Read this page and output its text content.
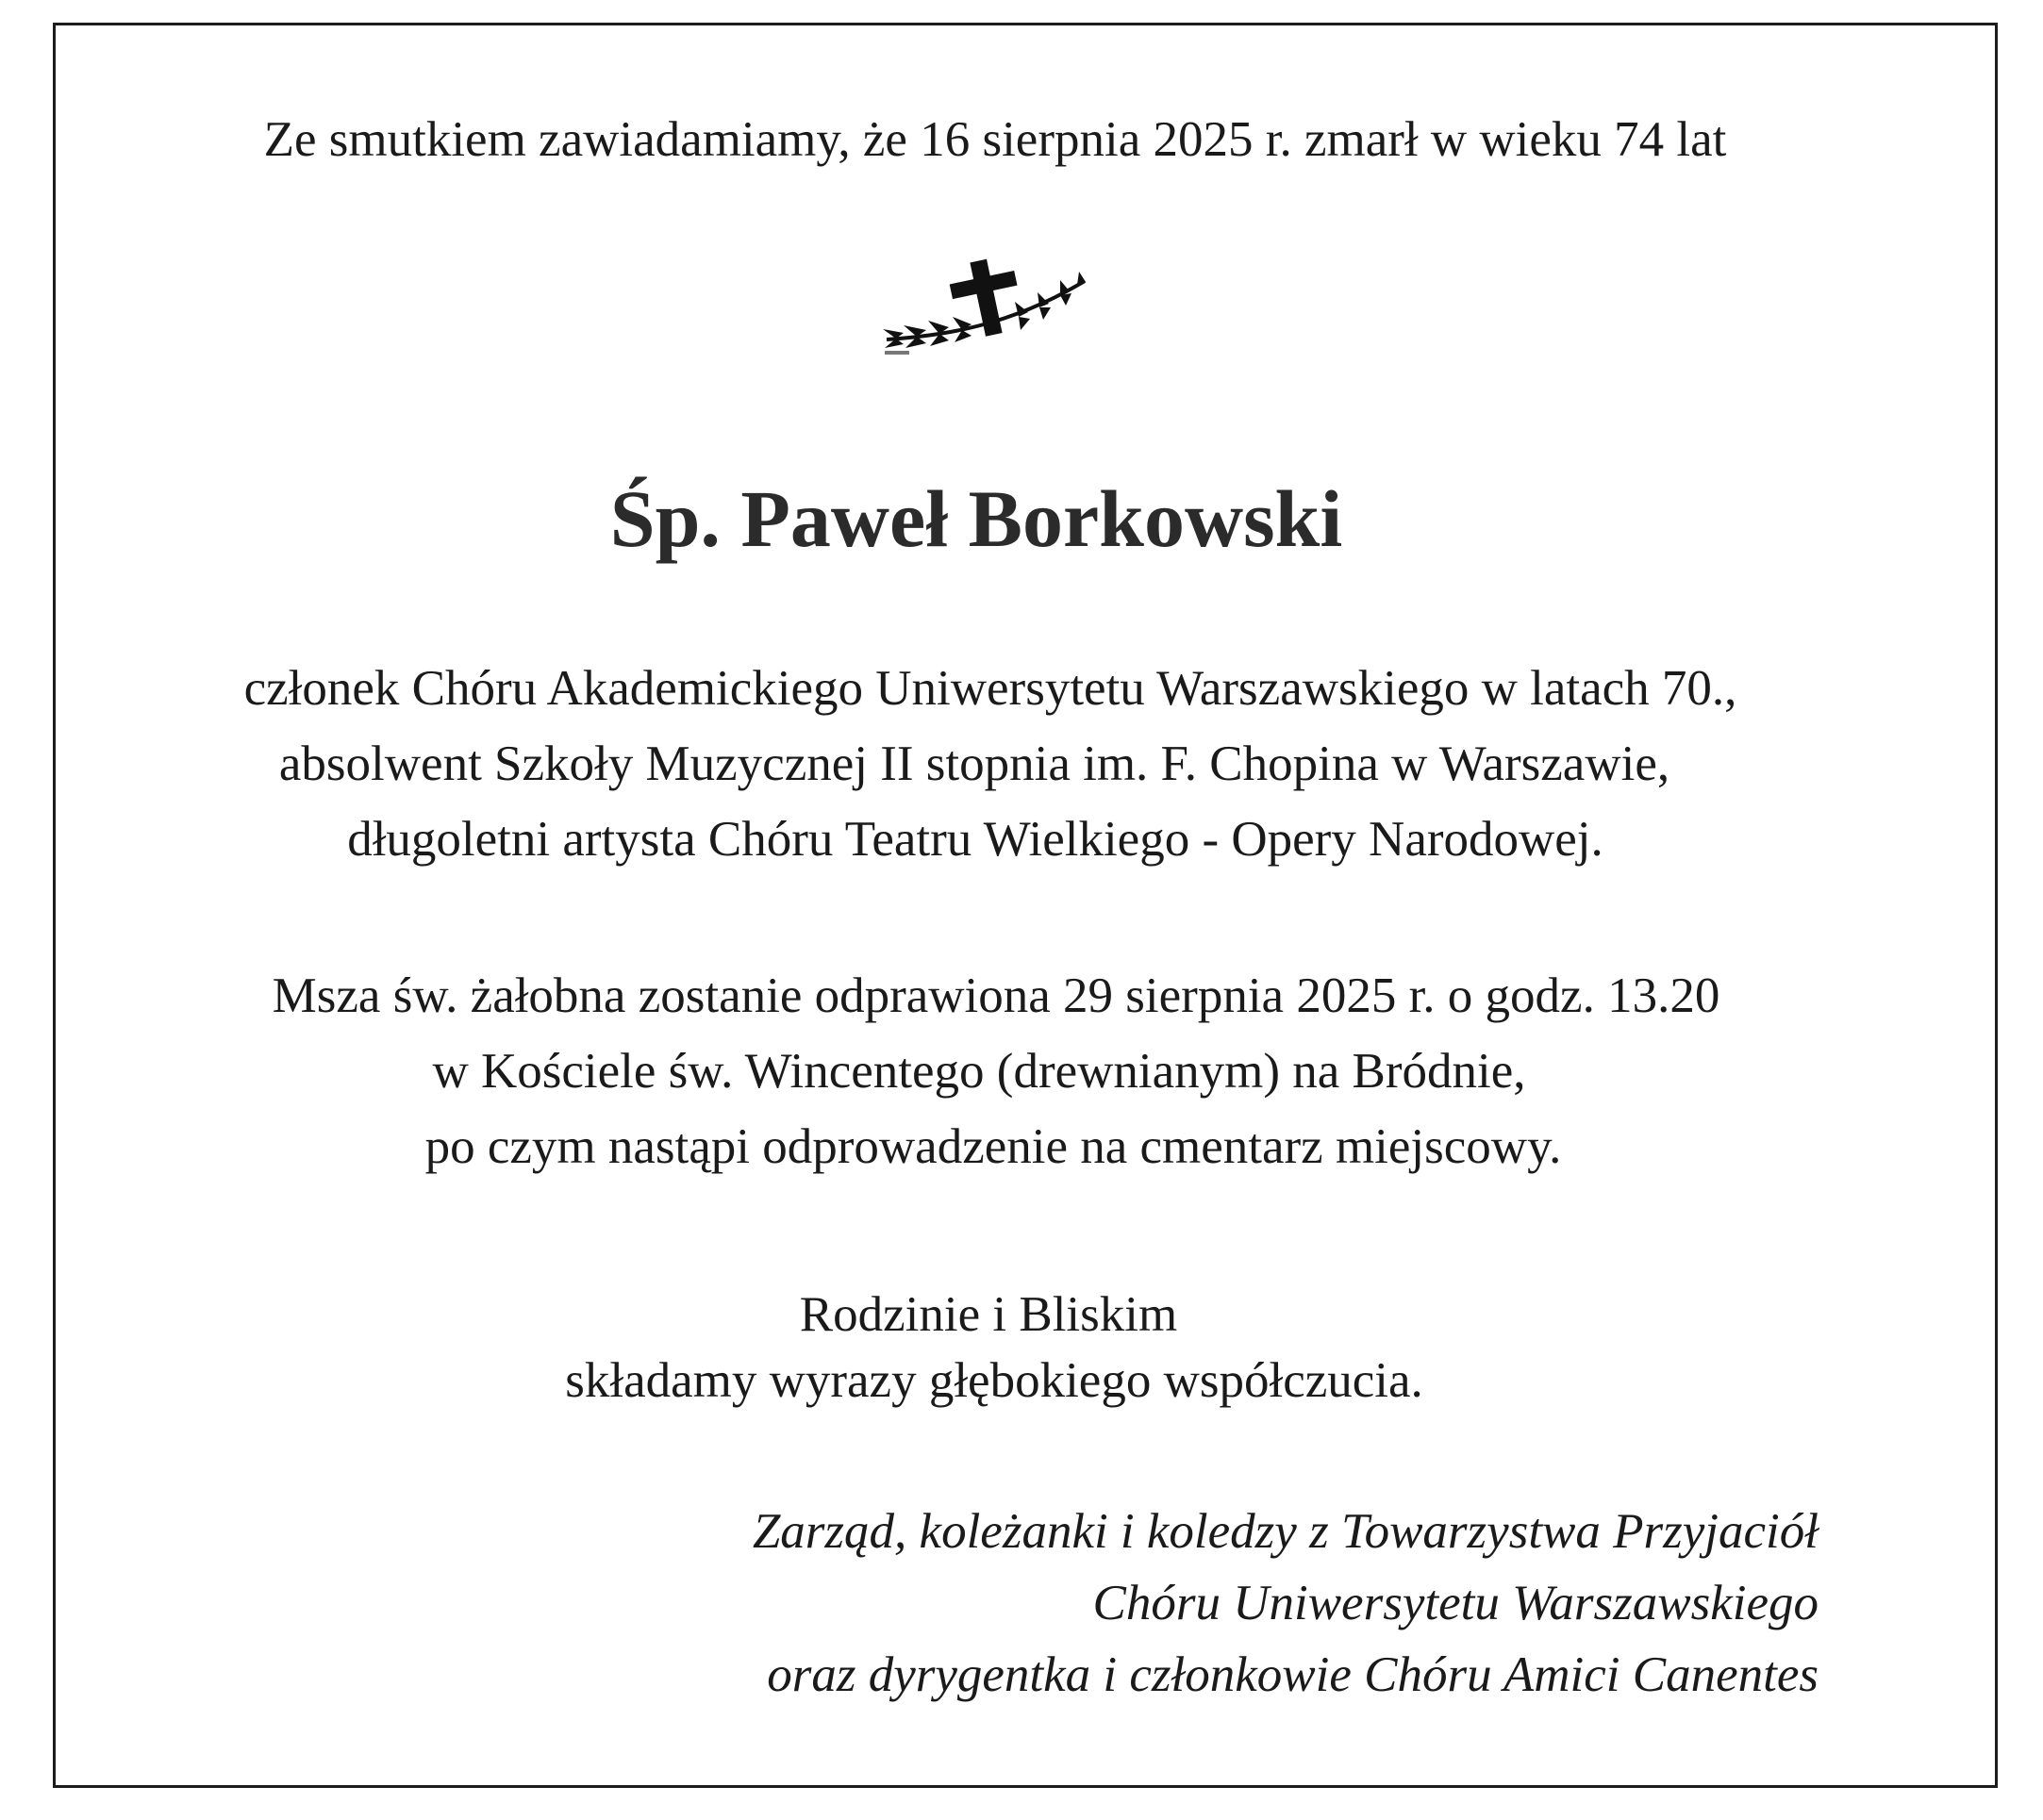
Ze smutkiem zawiadamiamy, że 16 sierpnia 2025 r. zmarł w wieku 74 lat
Śp. Paweł Borkowski
członek Chóru Akademickiego Uniwersytetu Warszawskiego w latach 70.,
absolwent Szkoły Muzycznej II stopnia im. F. Chopina w Warszawie,
długoletni artysta Chóru Teatru Wielkiego - Opery Narodowej.
Msza św. żałobna zostanie odprawiona 29 sierpnia 2025 r. o godz. 13.20
w Kościele św. Wincentego (drewnianym) na Bródnie,
po czym nastąpi odprowadzenie na cmentarz miejscowy.
Rodzinie i Bliskim
składamy wyrazy głębokiego współczucia.
Zarząd, koleżanki i koledzy z Towarzystwa Przyjaciół
Chóru Uniwersytetu Warszawskiego
oraz dyrygentka i członkowie Chóru Amici Canentes
